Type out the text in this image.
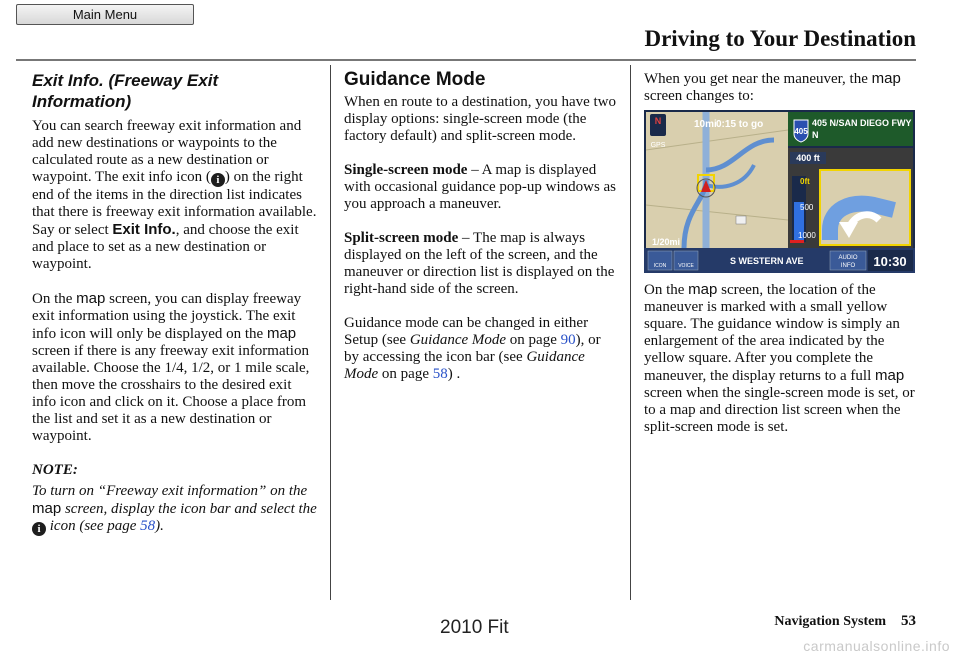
Main Menu
Driving to Your Destination
Exit Info. (Freeway Exit
Information)

You can search freeway exit information and add new destinations or waypoints to the calculated route as a new destination or waypoint. The exit info icon ( i ) on the right end of the items in the direction list indicates that there is freeway exit information available. Say or select Exit Info., and choose the exit and place to set as a new destination or waypoint.

On the map screen, you can display freeway exit information using the joystick. The exit info icon will only be displayed on the map screen if there is any freeway exit information available. Choose the 1/4, 1/2, or 1 mile scale, then move the crosshairs to the desired exit info icon and click on it. Choose a place from the list and set it as a new destination or waypoint.

NOTE:
To turn on “Freeway exit information” on the map screen, display the icon bar and select the i icon (see page 58).
Guidance Mode

When en route to a destination, you have two display options: single-screen mode (the factory default) and split-screen mode.

Single-screen mode – A map is displayed with occasional guidance pop-up windows as you approach a maneuver.

Split-screen mode – The map is always displayed on the left of the screen, and the maneuver or direction list is displayed on the right-hand side of the screen.

Guidance mode can be changed in either Setup (see Guidance Mode on page 90), or by accessing the icon bar (see Guidance Mode on page 58) .

When you get near the maneuver, the map screen changes to:

N
GPS
10mi 0:15 to go
1/20mi
405
405 N/SAN DIEGO FWY
N
400 ft
0ft
500
1000
ICON VOICE	S WESTERN AVE	AUDIO
INFO 10:30

On the map screen, the location of the maneuver is marked with a small yellow square. The guidance window is simply an enlargement of the area indicated by the yellow square. After you complete the maneuver, the display returns to a full map screen when the single-screen mode is set, or to a map and direction list screen when the split-screen mode is set.

Navigation System 53
2010 Fit
carmanualsonline.info
